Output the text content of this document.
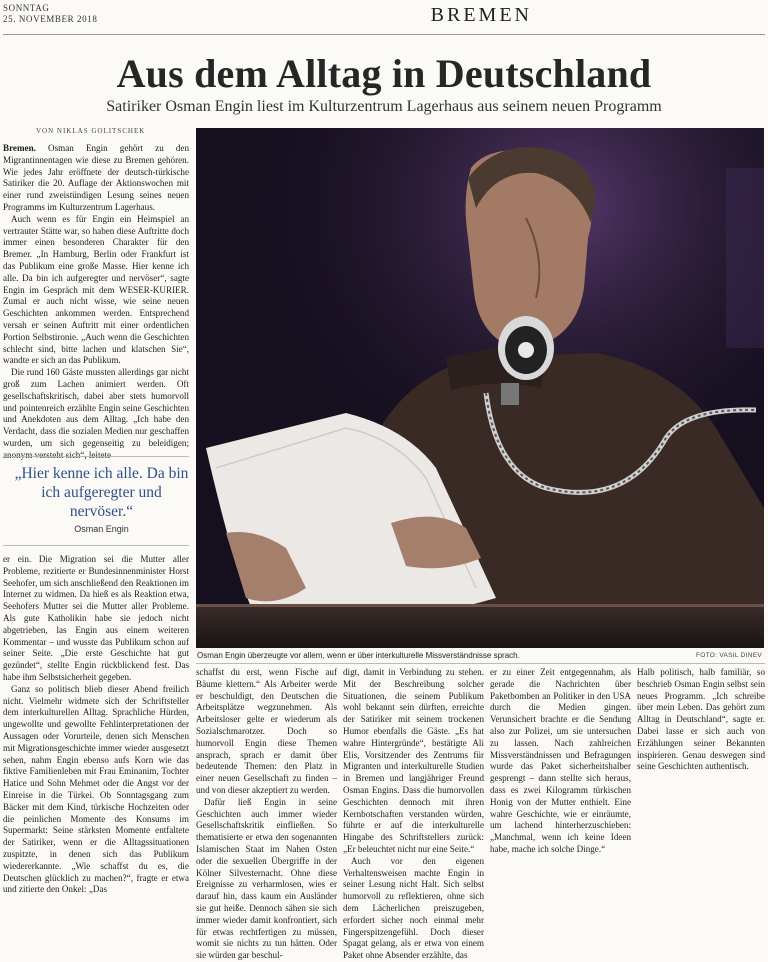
SONNTAG
25. NOVEMBER 2018	BREMEN
Aus dem Alltag in Deutschland
Satiriker Osman Engin liest im Kulturzentrum Lagerhaus aus seinem neuen Programm
VON NIKLAS GOLITSCHEK

Bremen. Osman Engin gehört zu den Migrantinnentagen wie diese zu Bremen gehören. Wie jedes Jahr eröffnete der deutsch-türkische Satiriker die 20. Auflage der Aktionswochen mit einer rund zweistündigen Lesung seines neuen Programms im Kulturzentrum Lagerhaus.

Auch wenn es für Engin ein Heimspiel an vertrauter Stätte war, so haben diese Auftritte doch immer einen besonderen Charakter für den Bremer. „In Hamburg, Berlin oder Frankfurt ist das Publikum eine große Masse. Hier kenne ich alle. Da bin ich aufgeregter und nervöser“, sagte Engin im Gespräch mit dem WESER-KURIER. Zumal er auch nicht wisse, wie seine neuen Geschichten ankommen werden. Entsprechend versah er seinen Auftritt mit einer ordentlichen Portion Selbstironie. „Auch wenn die Geschichten schlecht sind, bitte lachen und klatschen Sie“, wandte er sich an das Publikum.

Die rund 160 Gäste mussten allerdings gar nicht groß zum Lachen animiert werden. Oft gesellschaftskritisch, dabei aber stets humorvoll und pointenreich erzählte Engin seine Geschichten und Anekdoten aus dem Alltag. „Ich habe den Verdacht, dass die sozialen Medien nur geschaffen wurden, um sich gegenseitig zu beleidigen; anonym versteht sich“, leitete

„Hier kenne ich alle. Da bin ich aufgeregter und nervöser.“
Osman Engin

er ein. Die Migration sei die Mutter aller Probleme, rezitierte er Bundesinnenminister Horst Seehofer, um sich anschließend den Reaktionen im Internet zu widmen. Da hieß es als Reaktion etwa, Seehofers Mutter sei die Mutter aller Probleme. Als gute Katholikin habe sie jedoch nicht abgetrieben, las Engin aus einem weiteren Kommentar – und wusste das Publikum schon auf seiner Seite. „Die erste Geschichte hat gut gezündet“, stellte Engin rückblickend fest. Das habe ihm Selbstsicherheit gegeben.

Ganz so politisch blieb dieser Abend freilich nicht. Vielmehr widmete sich der Schriftsteller dem interkulturellen Alltag. Sprachliche Hürden, ungewollte und gewollte Fehlinterpretationen der Aussagen oder Vorurteile, denen sich Menschen mit Migrationsgeschichte immer wieder ausgesetzt sehen, nahm Engin ebenso aufs Korn wie das fiktive Familienleben mit Frau Eminanim, Tochter Hatice und Sohn Mehmet oder die Angst vor der Einreise in die Türkei. Ob Sonntagsgang zum Bäcker mit dem Kind, türkische Hochzeiten oder die peinlichen Momente des Konsums im Supermarkt: Seine stärksten Momente entfaltete der Satiriker, wenn er die Alltagssituationen zuspitzte, in denen sich das Publikum wiedererkannte. „Wie schaffst du es, die Deutschen glücklich zu machen?“, fragte er etwa und zitierte den Onkel: „Das

Osman Engin überzeugte vor allem, wenn er über interkulturelle Missverständnisse sprach.	FOTO: VASIL DINEV

schaffst du erst, wenn Fische auf Bäume klettern.“ Als Arbeiter werde er beschuldigt, den Deutschen die Arbeitsplätze wegzunehmen. Als Arbeitsloser gelte er wiederum als Sozialschmarotzer. Doch so humorvoll Engin diese Themen ansprach, sprach er damit über bedeutende Themen: den Platz in einer neuen Gesellschaft zu finden – und von dieser akzeptiert zu werden.

Dafür ließ Engin in seine Geschichten auch immer wieder Gesellschaftskritik einfließen. So thematisierte er etwa den sogenannten Islamischen Staat im Nahen Osten oder die sexuellen Übergriffe in der Kölner Silvesternacht. Ohne diese Ereignisse zu verharmlosen, wies er darauf hin, dass kaum ein Ausländer sie gut heiße. Dennoch sähen sie sich immer wieder damit konfrontiert, sich für etwas rechtfertigen zu müssen, womit sie nichts zu tun hätten. Oder sie würden gar beschul-

digt, damit in Verbindung zu stehen. Mit der Beschreibung solcher Situationen, die seinem Publikum wohl bekannt sein dürften, erreichte der Satiriker mit seinem trockenen Humor ebenfalls die Gäste. „Es hat wahre Hintergründe“, bestätigte Ali Elis, Vorsitzender des Zentrums für Migranten und interkulturelle Studien in Bremen und langjähriger Freund Osman Engins. Dass die humorvollen Geschichten dennoch mit ihren Kernbotschaften verstanden würden, führte er auf die interkulturelle Hingabe des Schriftstellers zurück: „Er beleuchtet nicht nur eine Seite.“

Auch vor den eigenen Verhaltensweisen machte Engin in seiner Lesung nicht Halt. Sich selbst humorvoll zu reflektieren, ohne sich dem Lächerlichen preiszugeben, erfordert sicher noch einmal mehr Fingerspitzengefühl. Doch dieser Spagat gelang, als er etwa von einem Paket ohne Absender erzählte, das

er zu einer Zeit entgegennahm, als gerade die Nachrichten über Paketbomben an Politiker in den USA durch die Medien gingen. Verunsichert brachte er die Sendung also zur Polizei, um sie untersuchen zu lassen. Nach zahlreichen Missverständnissen und Befragungen wurde das Paket sicherheitshalber gesprengt – dann stellte sich heraus, dass es zwei Kilogramm türkischen Honig von der Mutter enthielt. Eine wahre Geschichte, wie er einräumte, um lachend hinterherzuschieben: „Manchmal, wenn ich keine Ideen habe, mache ich solche Dinge.“

Halb politisch, halb familiär, so beschrieb Osman Engin selbst sein neues Programm. „Ich schreibe über mein Leben. Das gehört zum Alltag in Deutschland“, sagte er. Dabei lasse er sich auch von Erzählungen seiner Bekannten inspirieren. Genau deswegen sind seine Geschichten authentisch.
